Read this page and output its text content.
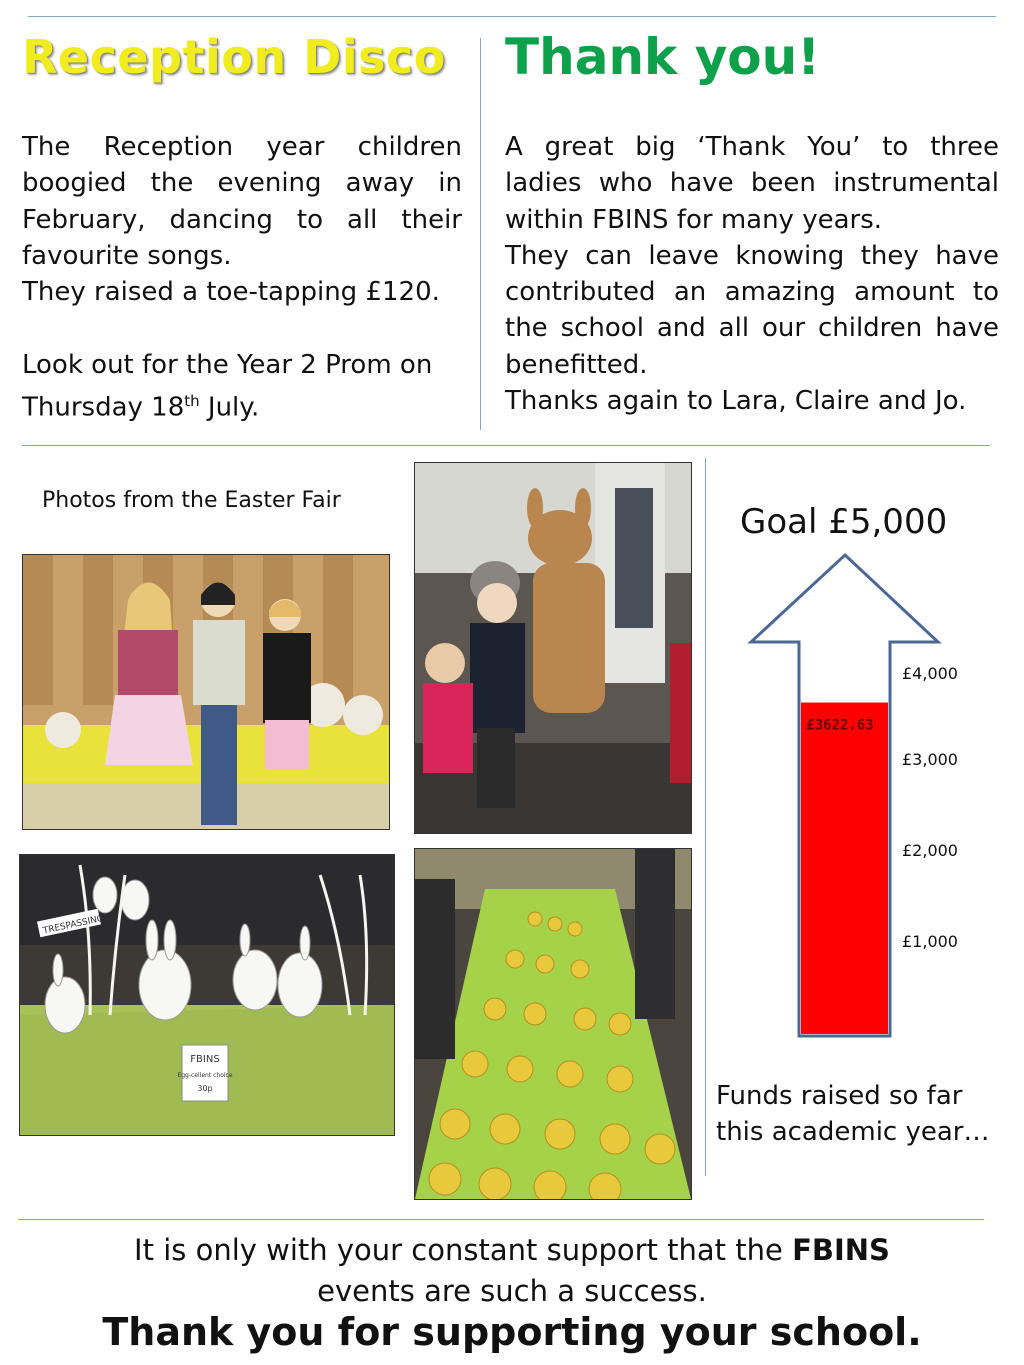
Reception Disco

The Reception year children boogied the evening away in February, dancing to all their favourite songs.

They raised a toe-tapping £120.

Look out for the Year 2 Prom on Thursday 18th July.

Thank you!

A great big ‘Thank You’ to three ladies who have been instrumental within FBINS for many years.

They can leave knowing they have contributed an amazing amount to the school and all our children have benefitted.

Thanks again to Lara, Claire and Jo.

Photos from the Easter Fair
TRESPASSING
FBINS
Egg-cellent choice
30p
Goal £5,000
£3622.63
£4,000
£3,000
£2,000
£1,000
Funds raised so far
this academic year…
It is only with your constant support that the FBINS
events are such a success.
Thank you for supporting your school.
